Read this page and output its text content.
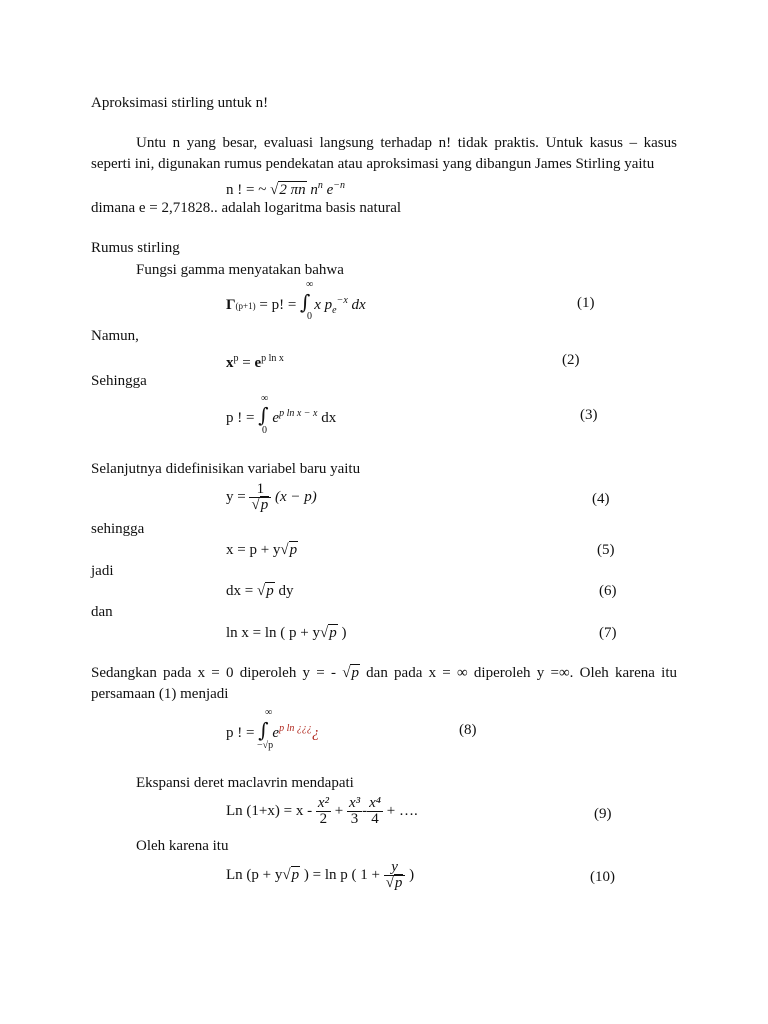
Aproksimasi stirling untuk n!
Untu n yang besar, evaluasi langsung terhadap n! tidak praktis. Untuk kasus – kasus seperti ini, digunakan rumus pendekatan atau aproksimasi yang dibangun James Stirling yaitu
n ! = ~ √2 πn $n^n$ $e^{-n}$
dimana e = 2,71828.. adalah logaritma basis natural
Rumus stirling
Fungsi gamma menyatakan bahwa
Γ(p+1) = p! = ∫ x $p_e^{-x}$ dx
∞
0
(1)
Namun,
$x^p = e^{p ln x}$	(2)
Sehingga
p ! = ∫ $e^{p ln x - x}$ dx
∞
0
(3)
Selanjutnya didefinisikan variabel baru yaitu
$y = \frac{1}{√p} (x - p)$	(4)
sehingga
x = p + y√p	(5)
jadi
dx = √p dy	(6)
dan
ln x = ln ( p + y√p )	(7)
Sedangkan pada x = 0 diperoleh y = - √p dan pada x = ∞ diperoleh y =∞. Oleh karena itu persamaan (1) menjadi
p ! = ∫ $e^{p ln ¿¿¿}¿$
∞
−√p
(8)
Ekspansi deret maclavrin mendapati
Ln $(1+x) = x - \frac{\text{x²}}{2} + \frac{\text{x³}}{3} - \frac{\text{x⁴}}{4}$ + ….	(9)
Oleh karena itu
Ln (p + y√p ) = ln p ( $1 + \frac{y}{√p}$ )	(10)
